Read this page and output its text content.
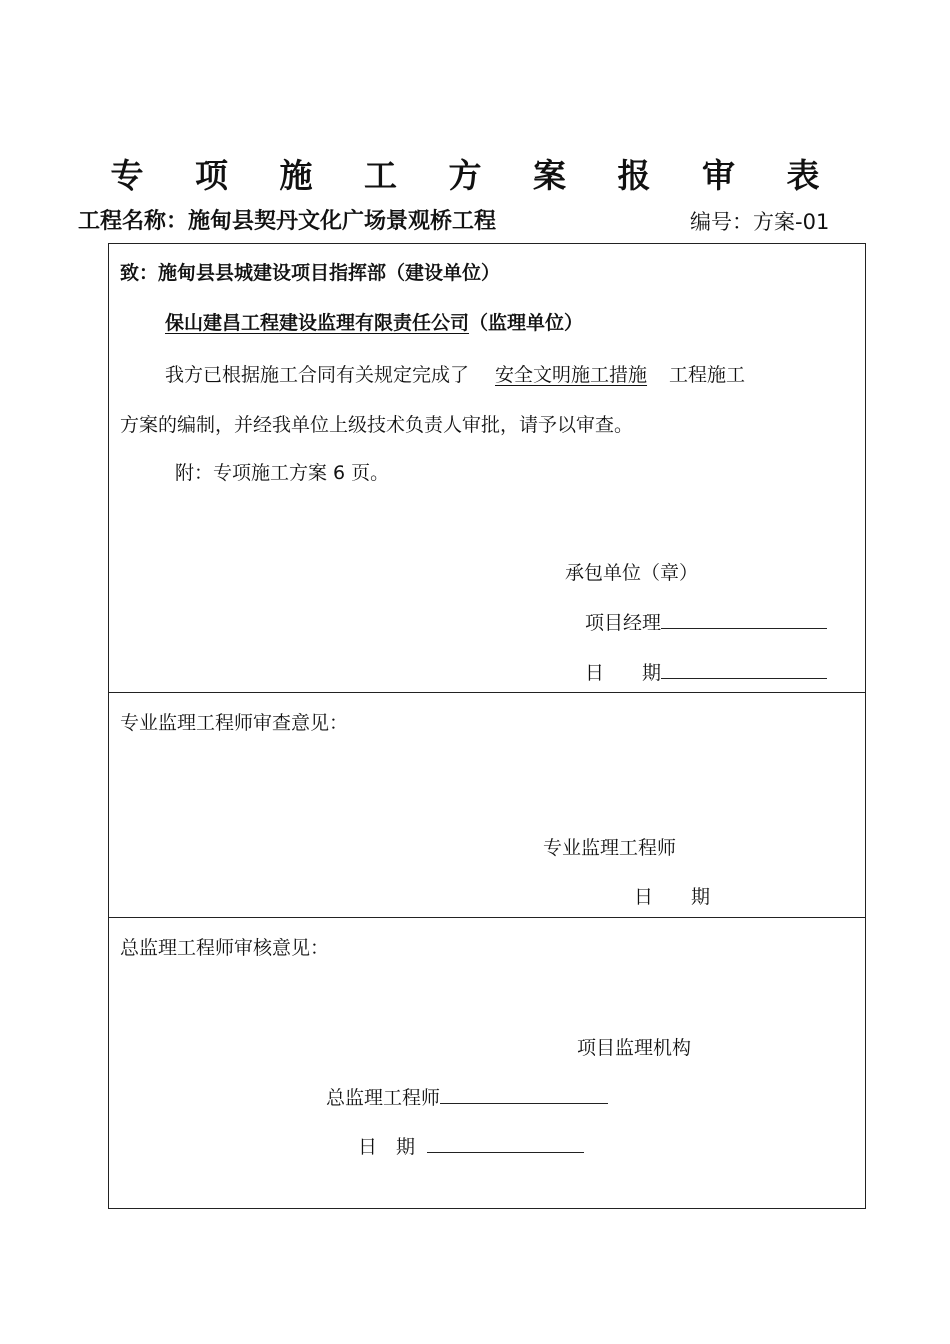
专 项 施 工 方 案 报 审 表
工程名称：施甸县契丹文化广场景观桥工程	编号：方案-01
致：施甸县县城建设项目指挥部（建设单位）
保山建昌工程建设监理有限责任公司（监理单位）
我方已根据施工合同有关规定完成了 安全文明施工措施 工程施工
方案的编制，并经我单位上级技术负责人审批，请予以审查。
附：专项施工方案 6 页。
承包单位（章）
项目经理
日　　期
专业监理工程师审查意见：
专业监理工程师
日　　期
总监理工程师审核意见：
项目监理机构
总监理工程师
日　期
